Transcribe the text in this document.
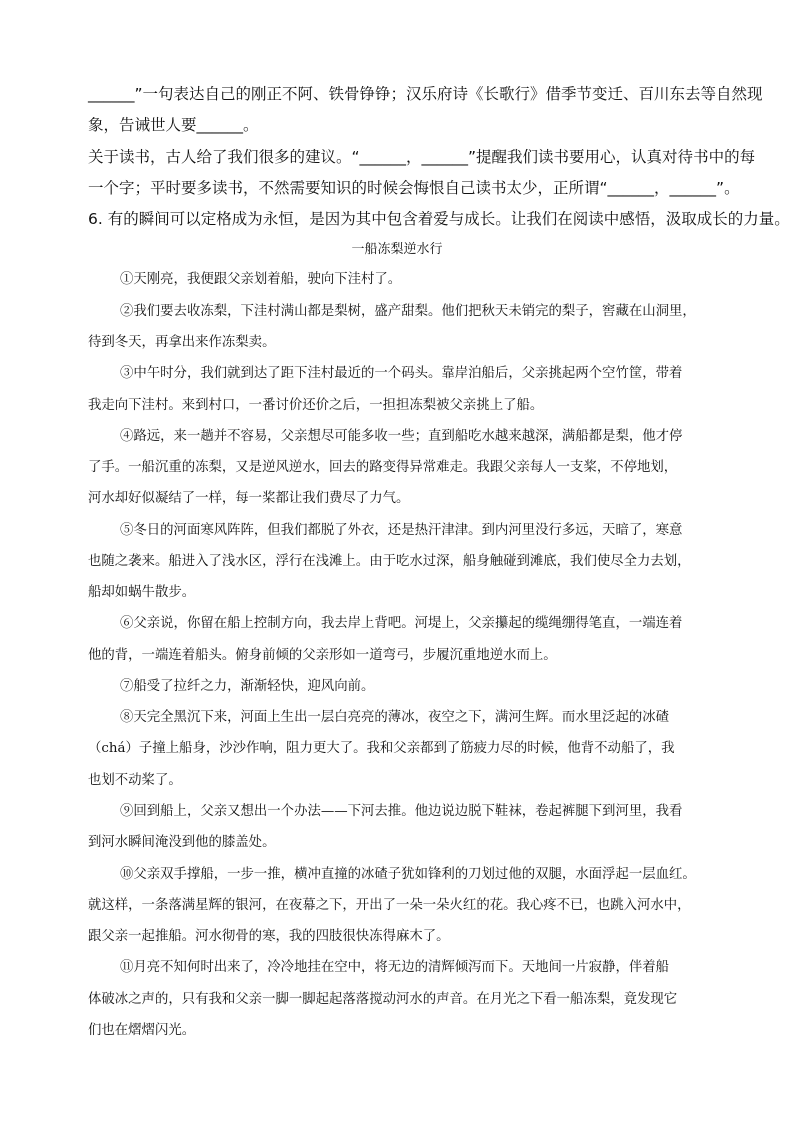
______”一句表达自己的刚正不阿、铁骨铮铮；汉乐府诗《长歌行》借季节变迁、百川东去等自然现
象，告诫世人要______。
关于读书，古人给了我们很多的建议。“______，______”提醒我们读书要用心，认真对待书中的每
一个字；平时要多读书，不然需要知识的时候会悔恨自己读书太少，正所谓“______，______”。
6. 有的瞬间可以定格成为永恒，是因为其中包含着爱与成长。让我们在阅读中感悟，汲取成长的力量。
一船冻梨逆水行
①天刚亮，我便跟父亲划着船，驶向下洼村了。
②我们要去收冻梨，下洼村满山都是梨树，盛产甜梨。他们把秋天未销完的梨子，窖藏在山洞里，
待到冬天，再拿出来作冻梨卖。
③中午时分，我们就到达了距下洼村最近的一个码头。靠岸泊船后，父亲挑起两个空竹筐，带着
我走向下洼村。来到村口，一番讨价还价之后，一担担冻梨被父亲挑上了船。
④路远，来一趟并不容易，父亲想尽可能多收一些；直到船吃水越来越深，满船都是梨，他才停
了手。一船沉重的冻梨，又是逆风逆水，回去的路变得异常难走。我跟父亲每人一支桨，不停地划，
河水却好似凝结了一样，每一桨都让我们费尽了力气。
⑤冬日的河面寒风阵阵，但我们都脱了外衣，还是热汗津津。到内河里没行多远，天暗了，寒意
也随之袭来。船进入了浅水区，浮行在浅滩上。由于吃水过深，船身触碰到滩底，我们使尽全力去划，
船却如蜗牛散步。
⑥父亲说，你留在船上控制方向，我去岸上背吧。河堤上，父亲攥起的缆绳绷得笔直，一端连着
他的背，一端连着船头。俯身前倾的父亲形如一道弯弓，步履沉重地逆水而上。
⑦船受了拉纤之力，渐渐轻快，迎风向前。
⑧天完全黑沉下来，河面上生出一层白亮亮的薄冰，夜空之下，满河生辉。而水里泛起的冰碴
（chá）子撞上船身，沙沙作响，阻力更大了。我和父亲都到了筋疲力尽的时候，他背不动船了，我
也划不动桨了。
⑨回到船上，父亲又想出一个办法——下河去推。他边说边脱下鞋袜，卷起裤腿下到河里，我看
到河水瞬间淹没到他的膝盖处。
⑩父亲双手撑船，一步一推，横冲直撞的冰碴子犹如锋利的刀划过他的双腿，水面浮起一层血红。
就这样，一条落满星辉的银河，在夜幕之下，开出了一朵一朵火红的花。我心疼不已，也跳入河水中，
跟父亲一起推船。河水彻骨的寒，我的四肢很快冻得麻木了。
⑪月亮不知何时出来了，冷冷地挂在空中，将无边的清辉倾泻而下。天地间一片寂静，伴着船
体破冰之声的，只有我和父亲一脚一脚起起落落搅动河水的声音。在月光之下看一船冻梨，竟发现它
们也在熠熠闪光。
